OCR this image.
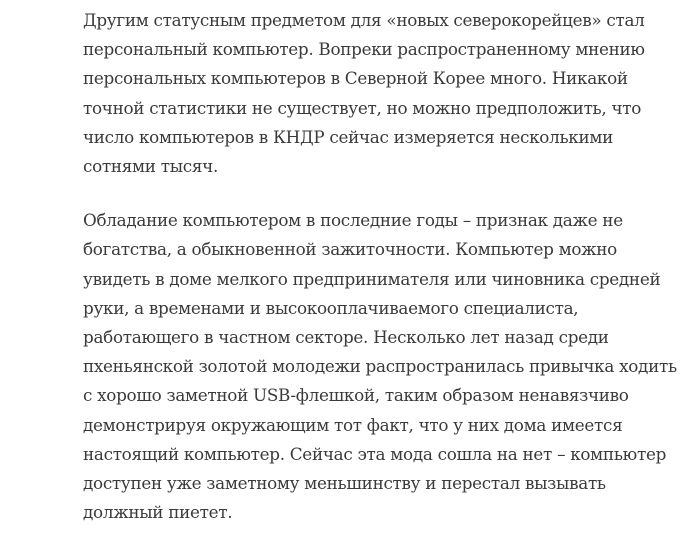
Другим статусным предметом для «новых северокорейцев» стал
персональный компьютер. Вопреки распространенному мнению
персональных компьютеров в Северной Корее много. Никакой
точной статистики не существует, но можно предположить, что
число компьютеров в КНДР сейчас измеряется несколькими
сотнями тысяч.

Обладание компьютером в последние годы – признак даже не
богатства, а обыкновенной зажиточности. Компьютер можно
увидеть в доме мелкого предпринимателя или чиновника средней
руки, а временами и высокооплачиваемого специалиста,
работающего в частном секторе. Несколько лет назад среди
пхеньянской золотой молодежи распространилась привычка ходить
с хорошо заметной USB-флешкой, таким образом ненавязчиво
демонстрируя окружающим тот факт, что у них дома имеется
настоящий компьютер. Сейчас эта мода сошла на нет – компьютер
доступен уже заметному меньшинству и перестал вызывать
должный пиетет.
